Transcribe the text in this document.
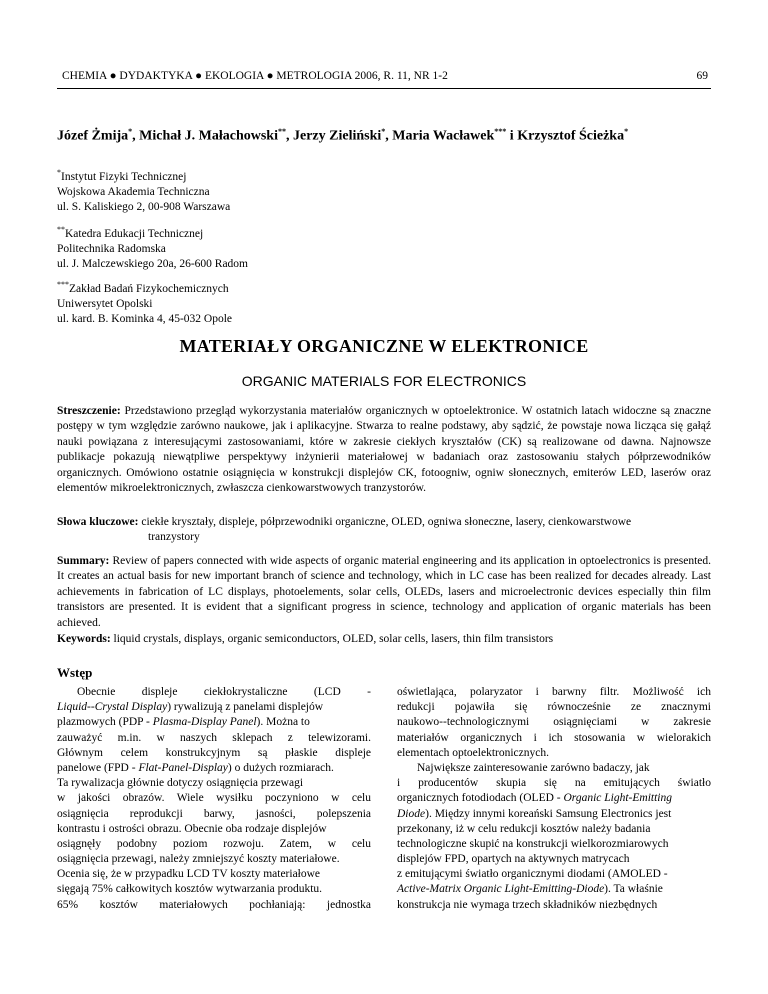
CHEMIA ● DYDAKTYKA ● EKOLOGIA ● METROLOGIA 2006, R. 11, NR 1-2	69
Józef Żmija*, Michał J. Małachowski**, Jerzy Zieliński*, Maria Wacławek*** i Krzysztof Ścieżka*
*Instytut Fizyki Technicznej
Wojskowa Akademia Techniczna
ul. S. Kaliskiego 2, 00-908 Warszawa
**Katedra Edukacji Technicznej
Politechnika Radomska
ul. J. Malczewskiego 20a, 26-600 Radom
***Zakład Badań Fizykochemicznych
Uniwersytet Opolski
ul. kard. B. Kominka 4, 45-032 Opole
MATERIAŁY ORGANICZNE W ELEKTRONICE
ORGANIC MATERIALS FOR ELECTRONICS
Streszczenie: Przedstawiono przegląd wykorzystania materiałów organicznych w optoelektronice. W ostatnich latach widoczne są znaczne postępy w tym względzie zarówno naukowe, jak i aplikacyjne. Stwarza to realne podstawy, aby sądzić, że powstaje nowa licząca się gałąź nauki powiązana z interesującymi zastosowaniami, które w zakresie ciekłych kryształów (CK) są realizowane od dawna. Najnowsze publikacje pokazują niewątpliwe perspektywy inżynierii materiałowej w badaniach oraz zastosowaniu stałych półprzewodników organicznych. Omówiono ostatnie osiągnięcia w konstrukcji displejów CK, fotoogniw, ogniw słonecznych, emiterów LED, laserów oraz elementów mikroelektronicznych, zwłaszcza cienkowarstwowych tranzystorów.
Słowa kluczowe: ciekłe kryształy, displeje, półprzewodniki organiczne, OLED, ogniwa słoneczne, lasery, cienkowarstwowe
tranzystory
Summary: Review of papers connected with wide aspects of organic material engineering and its application in optoelectronics is presented. It creates an actual basis for new important branch of science and technology, which in LC case has been realized for decades already. Last achievements in fabrication of LC displays, photoelements, solar cells, OLEDs, lasers and microelectronic devices especially thin film transistors are presented. It is evident that a significant progress in science, technology and application of organic materials has been achieved.
Keywords: liquid crystals, displays, organic semiconductors, OLED, solar cells, lasers, thin film transistors
Wstęp
Obecnie displeje ciekłokrystaliczne (LCD -
Liquid--Crystal Display) rywalizują z panelami displejów
plazmowych (PDP - Plasma-Display Panel). Można to
zauważyć m.in. w naszych sklepach z telewizorami.
Głównym celem konstrukcyjnym są płaskie displeje
panelowe (FPD - Flat-Panel-Display) o dużych rozmiarach.
Ta rywalizacja głównie dotyczy osiągnięcia przewagi
w jakości obrazów. Wiele wysiłku poczyniono w celu
osiągnięcia reprodukcji barwy, jasności, polepszenia
kontrastu i ostrości obrazu. Obecnie oba rodzaje displejów
osiągnęły podobny poziom rozwoju. Zatem, w celu
osiągnięcia przewagi, należy zmniejszyć koszty materiałowe.
Ocenia się, że w przypadku LCD TV koszty materiałowe
sięgają 75% całkowitych kosztów wytwarzania produktu.
65% kosztów materiałowych pochłaniają: jednostka
oświetlająca, polaryzator i barwny filtr. Możliwość ich
redukcji pojawiła się równocześnie ze znacznymi
naukowo--technologicznymi osiągnięciami w zakresie
materiałów organicznych i ich stosowania w wielorakich
elementach optoelektronicznych.
Największe zainteresowanie zarówno badaczy, jak
i producentów skupia się na emitujących światło
organicznych fotodiodach (OLED - Organic Light-Emitting
Diode). Między innymi koreański Samsung Electronics jest
przekonany, iż w celu redukcji kosztów należy badania
technologiczne skupić na konstrukcji wielkorozmiarowych
displejów FPD, opartych na aktywnych matrycach
z emitującymi światło organicznymi diodami (AMOLED -
Active-Matrix Organic Light-Emitting-Diode). Ta właśnie
konstrukcja nie wymaga trzech składników niezbędnych
